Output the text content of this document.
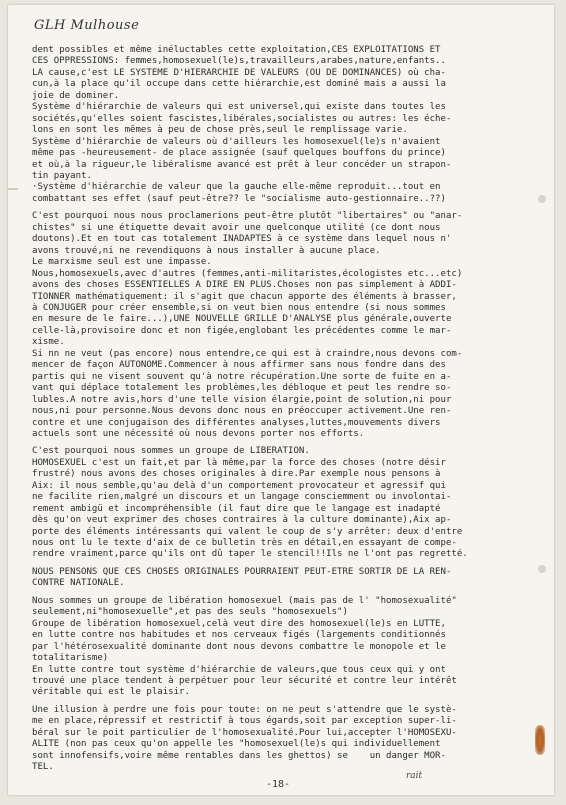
GLH Mulhouse
dent possibles et même inéluctables cette exploitation,CES EXPLOITATIONS ET
CES OPPRESSIONS: femmes,homosexuel(le)s,travailleurs,arabes,nature,enfants..
LA cause,c'est LE SYSTEME D'HIERARCHIE DE VALEURS (OU DE DOMINANCES) où cha-
cun,à la place qu'il occupe dans cette hiérarchie,est dominé mais a aussi la
joie de dominer.
Système d'hiérarchie de valeurs qui est universel,qui existe dans toutes les
sociétés,qu'elles soient fascistes,libérales,socialistes ou autres: les éche-
lons en sont les mêmes à peu de chose près,seul le remplissage varie.
Système d'hiérarchie de valeurs où d'ailleurs les homosexuel(le)s n'avaient
même pas -heureusement- de place assignée (sauf quelques bouffons du prince)
et où,à la rigueur,le libéralisme avancé est prêt à leur concéder un strapon-
tin payant.
·Système d'hiérarchie de valeur que la gauche elle-même reproduit...tout en
combattant ses effet (sauf peut-être?? le "socialisme auto-gestionnaire..??)
C'est pourquoi nous nous proclamerions peut-être plutôt "libertaires" ou "anar-
chistes" si une étiquette devait avoir une quelconque utilité (ce dont nous
doutons).Et en tout cas totalement INADAPTES à ce système dans lequel nous n'
avons trouvé,ni ne revendiquons à nous installer à aucune place.
Le marxisme seul est une impasse.
Nous,homosexuels,avec d'autres (femmes,anti-militaristes,écologistes etc...etc)
avons des choses ESSENTIELLES A DIRE EN PLUS.Choses non pas simplement à ADDI-
TIONNER mathématiquement: il s'agit que chacun apporte des éléments à brasser,
à CONJUGER pour créer ensemble,si on veut bien nous entendre (si nous sommes
en mesure de le faire...),UNE NOUVELLE GRILLE D'ANALYSE plus générale,ouverte
celle-là,provisoire donc et non figée,englobant les précédentes comme le mar-
xisme.
Si nn ne veut (pas encore) nous entendre,ce qui est à craindre,nous devons com-
mencer de façon AUTONOME.Commencer à nous affirmer sans nous fondre dans des
partis qui ne visent souvent qu'à notre récupération.Une sorte de fuite en a-
vant qui déplace totalement les problèmes,les débloque et peut les rendre so-
lubles.A notre avis,hors d'une telle vision élargie,point de solution,ni pour
nous,ni pour personne.Nous devons donc nous en préoccuper activement.Une ren-
contre et une conjugaison des différentes analyses,luttes,mouvements divers
actuels sont une nécessité où nous devons porter nos efforts.
C'est pourquoi nous sommes un groupe de LIBERATION.
HOMOSEXUEL c'est un fait,et par là même,par la force des choses (notre désir
frustré) nous avons des choses originales à dire.Par exemple nous pensons à
Aix: il nous semble,qu'au delà d'un comportement provocateur et agressif qui
ne facilite rien,malgré un discours et un langage consciemment ou involontai-
rement ambigü et incompréhensible (il faut dire que le langage est inadapté
dès qu'on veut exprimer des choses contraires à la culture dominante),Aix ap-
porte des éléments intéressants qui valent le coup de s'y arrêter: deux d'entre
nous ont lu le texte d'aix de ce bulletin très en détail,en essayant de compe-
rendre vraiment,parce qu'ils ont dû taper le stencil!!Ils ne l'ont pas regretté.
NOUS PENSONS QUE CES CHOSES ORIGINALES POURRAIENT PEUT-ETRE SORTIR DE LA REN-
CONTRE NATIONALE.
Nous sommes un groupe de libération homosexuel (mais pas de l' "homosexualité"
seulement,ni"homosexuelle",et pas des seuls "homosexuels")
Groupe de libération homosexuel,celà veut dire des homosexuel(le)s en LUTTE,
en lutte contre nos habitudes et nos cerveaux figés (largements conditionnés
par l'hétérosexualité dominante dont nous devons combattre le monopole et le
totalitarisme)
En lutte contre tout système d'hiérarchie de valeurs,que tous ceux qui y ont
trouvé une place tendent à perpétuer pour leur sécurité et contre leur intérêt
véritable qui est le plaisir.
Une illusion à perdre une fois pour toute: on ne peut s'attendre que le systè-
me en place,répressif et restrictif à tous égards,soit par exception super-li-
béral sur le poit particulier de l'homosexualité.Pour lui,accepter l'HOMOSEXU-
ALITE (non pas ceux qu'on appelle les "homosexuel(le)s qui individuellement
sont innofensifs,voire même rentables dans les ghettos) se    un danger MOR-
TEL.
-18-
rait
